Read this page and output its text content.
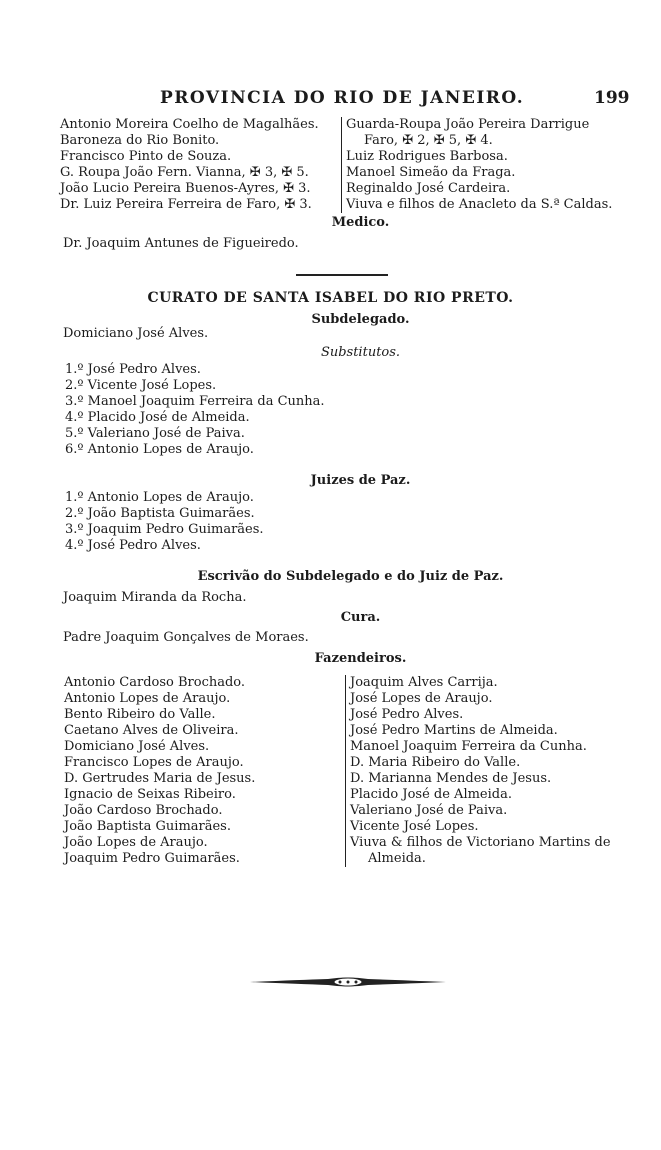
PROVINCIA DO RIO DE JANEIRO.	199
Antonio Moreira Coelho de Magalhães.
Baroneza do Rio Bonito.
Francisco Pinto de Souza.
G. Roupa João Fern. Vianna, ✠ 3, ✠ 5.
João Lucio Pereira Buenos-Ayres, ✠ 3.
Dr. Luiz Pereira Ferreira de Faro, ✠ 3.
Guarda-Roupa João Pereira Darrigue
Faro, ✠ 2, ✠ 5, ✠ 4.
Luiz Rodrigues Barbosa.
Manoel Simeão da Fraga.
Reginaldo José Cardeira.
Viuva e filhos de Anacleto da S.ª Caldas.
Medico.
Dr. Joaquim Antunes de Figueiredo.
CURATO DE SANTA ISABEL DO RIO PRETO.
Subdelegado.
Domiciano José Alves.
Substitutos.
1.º José Pedro Alves.
2.º Vicente José Lopes.
3.º Manoel Joaquim Ferreira da Cunha.
4.º Placido José de Almeida.
5.º Valeriano José de Paiva.
6.º Antonio Lopes de Araujo.
Juizes de Paz.
1.º Antonio Lopes de Araujo.
2.º João Baptista Guimarães.
3.º Joaquim Pedro Guimarães.
4.º José Pedro Alves.
Escrivão do Subdelegado e do Juiz de Paz.
Joaquim Miranda da Rocha.
Cura.
Padre Joaquim Gonçalves de Moraes.
Fazendeiros.
Antonio Cardoso Brochado.
Antonio Lopes de Araujo.
Bento Ribeiro do Valle.
Caetano Alves de Oliveira.
Domiciano José Alves.
Francisco Lopes de Araujo.
D. Gertrudes Maria de Jesus.
Ignacio de Seixas Ribeiro.
João Cardoso Brochado.
João Baptista Guimarães.
João Lopes de Araujo.
Joaquim Pedro Guimarães.
Joaquim Alves Carrija.
José Lopes de Araujo.
José Pedro Alves.
José Pedro Martins de Almeida.
Manoel Joaquim Ferreira da Cunha.
D. Maria Ribeiro do Valle.
D. Marianna Mendes de Jesus.
Placido José de Almeida.
Valeriano José de Paiva.
Vicente José Lopes.
Viuva & filhos de Victoriano Martins de
Almeida.
